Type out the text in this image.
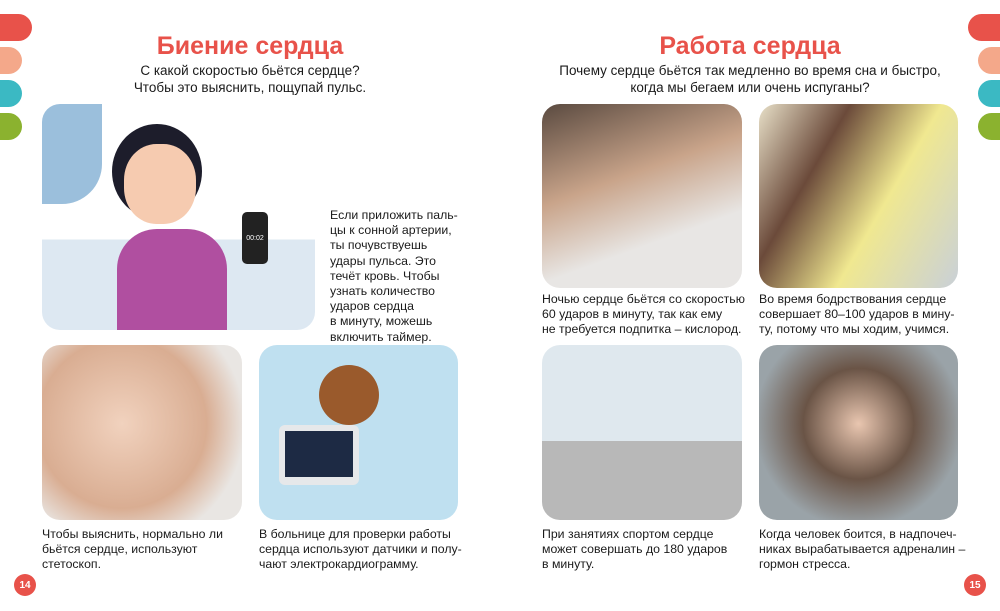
Биение сердца
С какой скоростью бьётся сердце?
Чтобы это выяснить, пощупай пульс.
00:02
Если приложить паль-
цы к сонной артерии,
ты почувствуешь
удары пульса. Это
течёт кровь. Чтобы
узнать количество
ударов сердца
в минуту, можешь
включить таймер.
Чтобы выяснить, нормально ли
бьётся сердце, используют
стетоскоп.
В больнице для проверки работы
сердца используют датчики и полу-
чают электрокардиограмму.
14
Работа сердца
Почему сердце бьётся так медленно во время сна и быстро,
когда мы бегаем или очень испуганы?
Ночью сердце бьётся со скоростью
60 ударов в минуту, так как ему
не требуется подпитка – кислород.
Во время бодрствования сердце
совершает 80–100 ударов в мину-
ту, потому что мы ходим, учимся.
При занятиях спортом сердце
может совершать до 180 ударов
в минуту.
Когда человек боится, в надпочеч-
никах вырабатывается адреналин –
гормон стресса.
15
